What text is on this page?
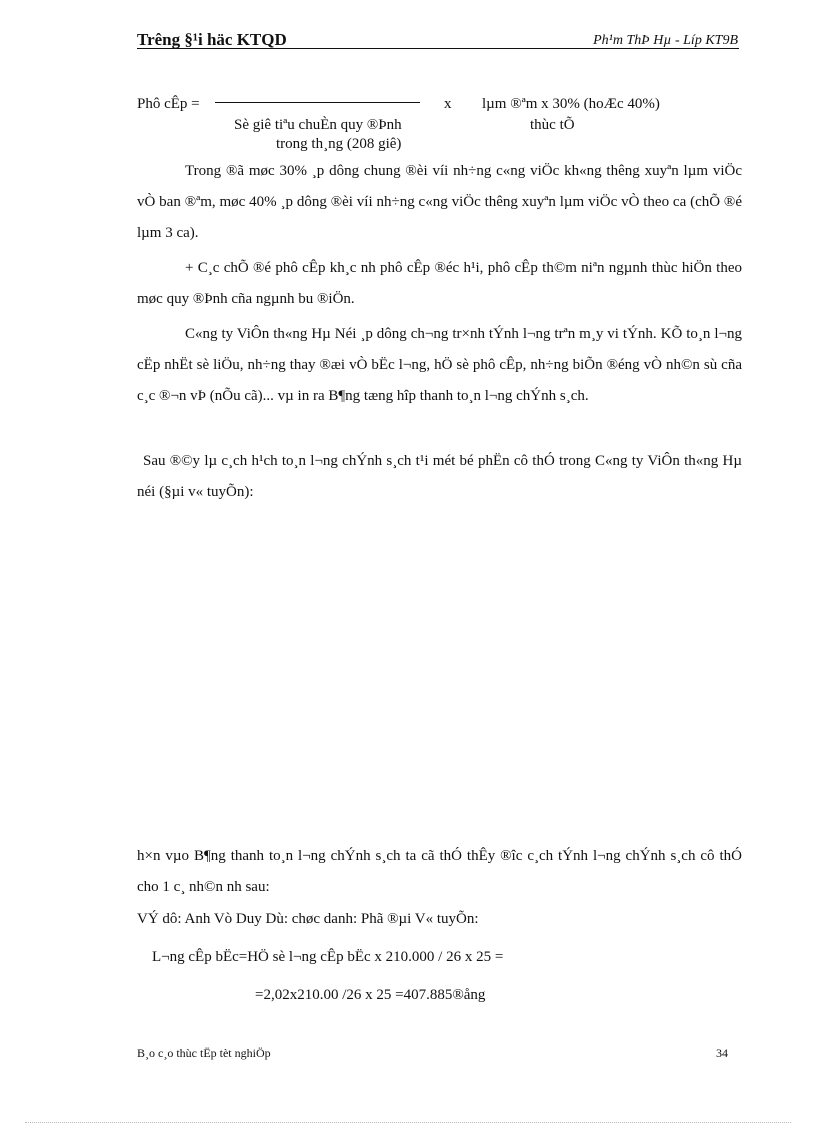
Trêng §¹i häc KTQD	Ph¹m ThÞ Hµ - Líp KT9B
Phô cÊp =	x lµm ®ªm x 30% (hoÆc 40%)
Sè giê tiªu chuÈn quy ®Þnh	thùc tÕ
trong th¸ng (208 giê)
Trong ®ã møc 30% ¸p dông chung ®èi víi nh÷ng c«ng viÖc kh«ng thêng xuyªn lµm viÖc vÒ ban ®ªm, møc 40% ¸p dông ®èi víi nh÷ng c«ng viÖc thêng xuyªn lµm viÖc vÒ theo ca (chÕ ®é lµm 3 ca).
+ C¸c chÕ ®é phô cÊp kh¸c nh phô cÊp ®éc h¹i, phô cÊp th©m niªn ngµnh thùc hiÖn theo møc quy ®Þnh cña ngµnh bu ®iÖn.
C«ng ty ViÔn th«ng Hµ Néi ¸p dông ch¬ng tr×nh tÝnh l¬ng trªn m¸y vi tÝnh. KÕ to¸n l¬ng cËp nhËt sè liÖu, nh÷ng thay ®æi vÒ bËc l¬ng, hÖ sè phô cÊp, nh÷ng biÕn ®éng vÒ nh©n sù cña c¸c ®¬n vÞ (nÕu cã)... vµ in ra B¶ng tæng hîp thanh to¸n l¬ng chÝnh s¸ch.
Sau ®©y lµ c¸ch h¹ch to¸n l¬ng chÝnh s¸ch t¹i mét bé phËn cô thÓ trong C«ng ty ViÔn th«ng Hµ néi (§µi v« tuyÕn):
h×n vµo B¶ng thanh to¸n l¬ng chÝnh s¸ch ta cã thÓ thÊy ®îc c¸ch tÝnh l¬ng chÝnh s¸ch cô thÓ cho 1 c¸ nh©n nh sau:
VÝ dô: Anh Vò Duy Dù: chøc danh: Phã ®µi V« tuyÕn:
L¬ng cÊp bËc=HÖ sè l¬ng cÊp bËc x 210.000 / 26 x 25 =
=2,02x210.00 /26 x 25 =407.885®ång
B¸o c¸o thùc tËp tèt nghiÖp	34
